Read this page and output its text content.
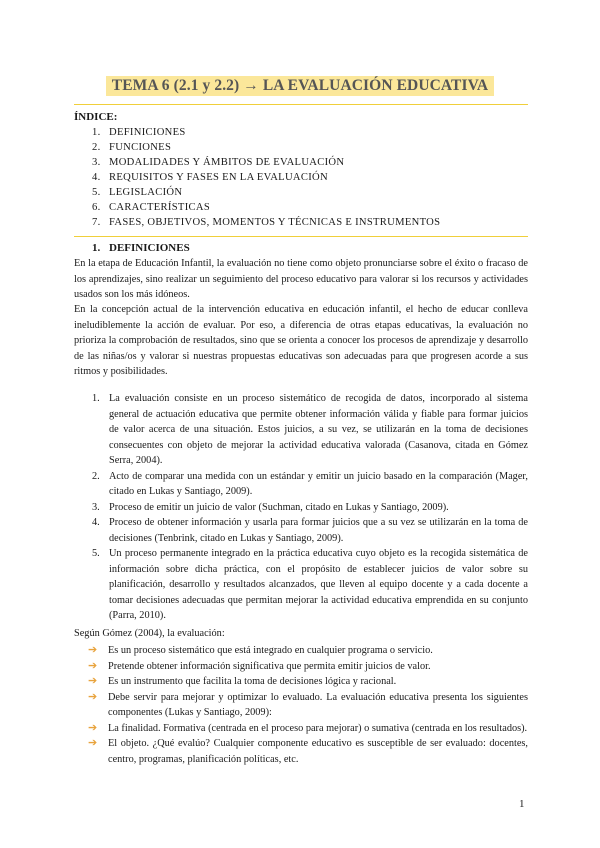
TEMA 6 (2.1 y 2.2) → LA EVALUACIÓN EDUCATIVA
ÍNDICE:
1. DEFINICIONES
2. FUNCIONES
3. MODALIDADES Y ÁMBITOS DE EVALUACIÓN
4. REQUISITOS Y FASES EN LA EVALUACIÓN
5. LEGISLACIÓN
6. CARACTERÍSTICAS
7. FASES, OBJETIVOS, MOMENTOS Y TÉCNICAS E INSTRUMENTOS
1. DEFINICIONES

En la etapa de Educación Infantil, la evaluación no tiene como objeto pronunciarse sobre el éxito o fracaso de los aprendizajes, sino realizar un seguimiento del proceso educativo para valorar si los recursos y actividades usados son los más idóneos.

En la concepción actual de la intervención educativa en educación infantil, el hecho de educar conlleva ineludiblemente la acción de evaluar. Por eso, a diferencia de otras etapas educativas, la evaluación no prioriza la comprobación de resultados, sino que se orienta a conocer los procesos de aprendizaje y desarrollo de las niñas/os y valorar si nuestras propuestas educativas son adecuadas para que progresen acorde a sus ritmos y posibilidades.

1. La evaluación consiste en un proceso sistemático de recogida de datos, incorporado al sistema general de actuación educativa que permite obtener información válida y fiable para formar juicios de valor acerca de una situación. Estos juicios, a su vez, se utilizarán en la toma de decisiones consecuentes con objeto de mejorar la actividad educativa valorada (Casanova, citada en Gómez Serra, 2004).
2. Acto de comparar una medida con un estándar y emitir un juicio basado en la comparación (Mager, citado en Lukas y Santiago, 2009).
3. Proceso de emitir un juicio de valor (Suchman, citado en Lukas y Santiago, 2009).
4. Proceso de obtener información y usarla para formar juicios que a su vez se utilizarán en la toma de decisiones (Tenbrink, citado en Lukas y Santiago, 2009).
5. Un proceso permanente integrado en la práctica educativa cuyo objeto es la recogida sistemática de información sobre dicha práctica, con el propósito de establecer juicios de valor sobre su planificación, desarrollo y resultados alcanzados, que lleven al equipo docente y a cada docente a tomar decisiones adecuadas que permitan mejorar la actividad educativa emprendida en su conjunto (Parra, 2010).
Según Gómez (2004), la evaluación:
➔	Es un proceso sistemático que está integrado en cualquier programa o servicio.
➔	Pretende obtener información significativa que permita emitir juicios de valor.
➔	Es un instrumento que facilita la toma de decisiones lógica y racional.
➔	Debe servir para mejorar y optimizar lo evaluado. La evaluación educativa presenta los siguientes componentes (Lukas y Santiago, 2009):
➔	La finalidad. Formativa (centrada en el proceso para mejorar) o sumativa (centrada en los resultados).
➔	El objeto. ¿Qué evalúo? Cualquier componente educativo es susceptible de ser evaluado: docentes, centro, programas, planificación políticas, etc.
1
